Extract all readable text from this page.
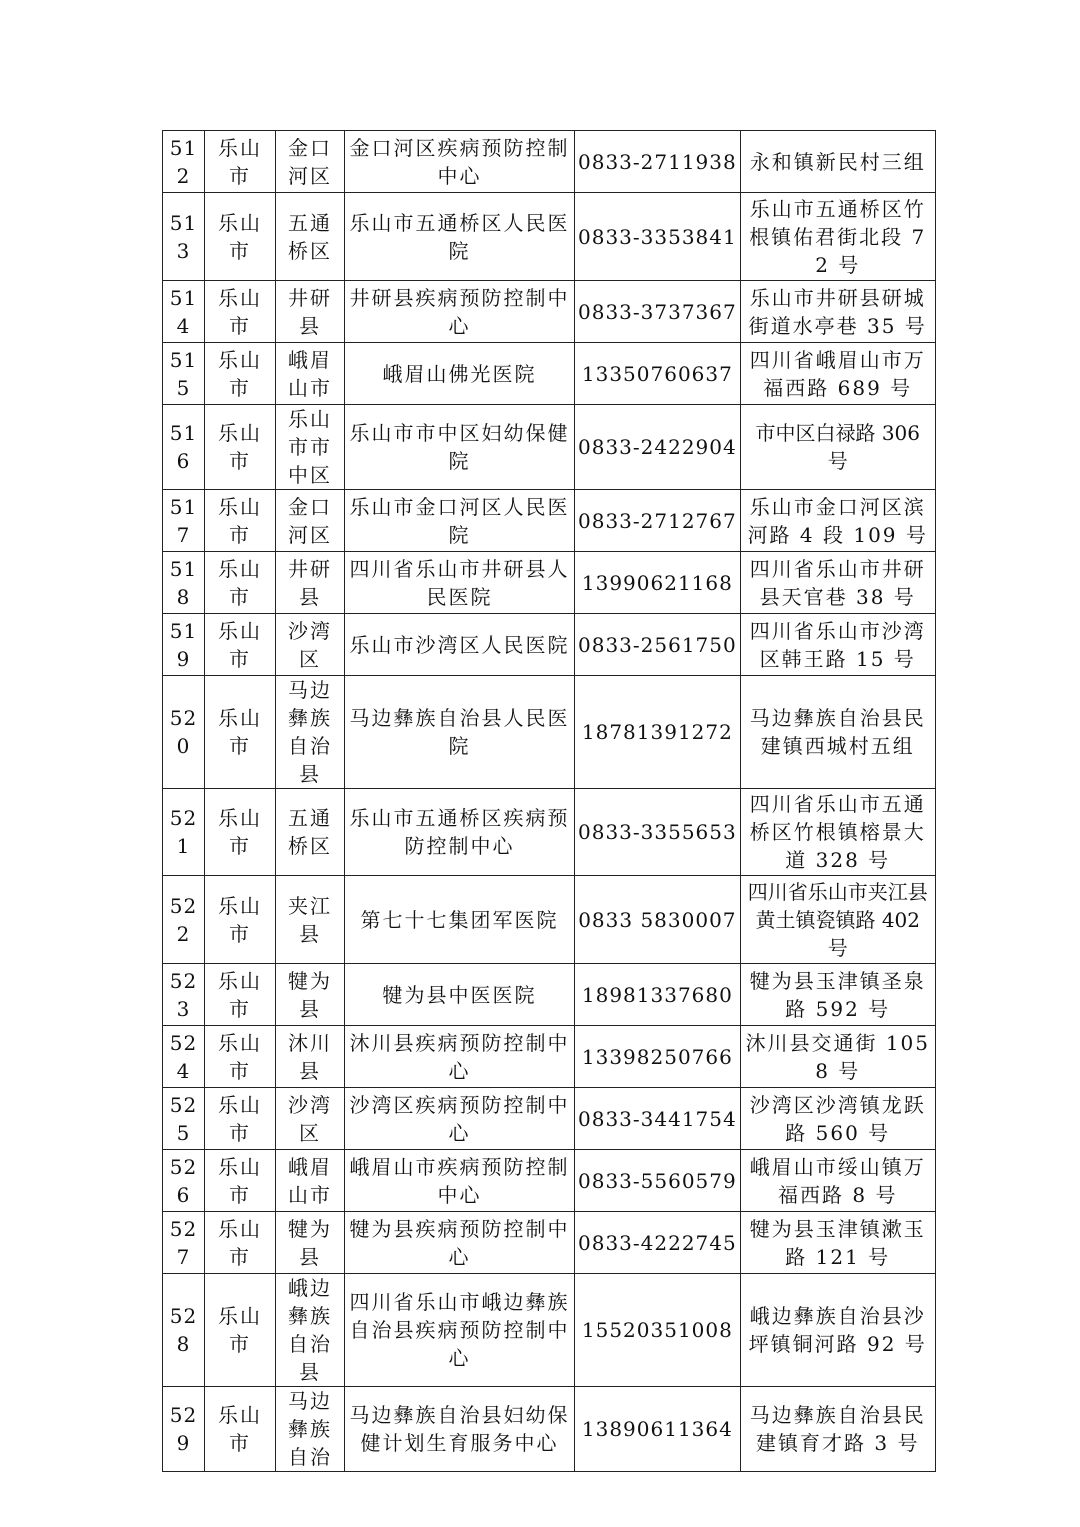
512	乐山市	金口河区	金口河区疾病预防控制中心	0833-2711938	永和镇新民村三组
513	乐山市	五通桥区	乐山市五通桥区人民医院	0833-3353841	乐山市五通桥区竹根镇佑君街北段 72 号
514	乐山市	井研县	井研县疾病预防控制中心	0833-3737367	乐山市井研县研城街道水亭巷 35 号
515	乐山市	峨眉山市	峨眉山佛光医院	13350760637	四川省峨眉山市万福西路 689 号
516	乐山市	乐山市市中区	乐山市市中区妇幼保健院	0833-2422904	市中区白禄路 306 号
517	乐山市	金口河区	乐山市金口河区人民医院	0833-2712767	乐山市金口河区滨河路 4 段 109 号
518	乐山市	井研县	四川省乐山市井研县人民医院	13990621168	四川省乐山市井研县天官巷 38 号
519	乐山市	沙湾区	乐山市沙湾区人民医院	0833-2561750	四川省乐山市沙湾区韩王路 15 号
520	乐山市	马边彝族自治县	马边彝族自治县人民医院	18781391272	马边彝族自治县民建镇西城村五组
521	乐山市	五通桥区	乐山市五通桥区疾病预防控制中心	0833-3355653	四川省乐山市五通桥区竹根镇榕景大道 328 号
522	乐山市	夹江县	第七十七集团军医院	0833 5830007	四川省乐山市夹江县黄土镇瓷镇路 402 号
523	乐山市	犍为县	犍为县中医医院	18981337680	犍为县玉津镇圣泉路 592 号
524	乐山市	沐川县	沐川县疾病预防控制中心	13398250766	沐川县交通街 1058 号
525	乐山市	沙湾区	沙湾区疾病预防控制中心	0833-3441754	沙湾区沙湾镇龙跃路 560 号
526	乐山市	峨眉山市	峨眉山市疾病预防控制中心	0833-5560579	峨眉山市绥山镇万福西路 8 号
527	乐山市	犍为县	犍为县疾病预防控制中心	0833-4222745	犍为县玉津镇漱玉路 121 号
528	乐山市	峨边彝族自治县	四川省乐山市峨边彝族自治县疾病预防控制中心	15520351008	峨边彝族自治县沙坪镇铜河路 92 号
529	乐山市	马边彝族自治	马边彝族自治县妇幼保健计划生育服务中心	13890611364	马边彝族自治县民建镇育才路 3 号
